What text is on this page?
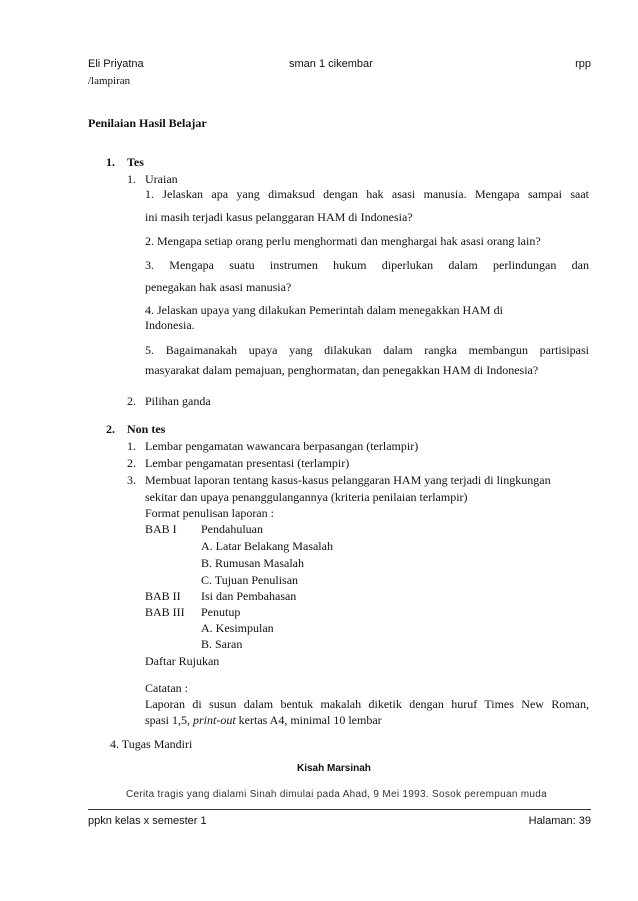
Eli Priyatna	sman 1 cikembar	rpp
/lampiran
Penilaian Hasil Belajar
1. Tes
1. Uraian
1. Jelaskan apa yang dimaksud dengan hak asasi manusia. Mengapa sampai saat
ini masih terjadi kasus pelanggaran HAM di Indonesia?
2. Mengapa setiap orang perlu menghormati dan menghargai hak asasi orang lain?
3. Mengapa suatu instrumen hukum diperlukan dalam perlindungan dan
penegakan hak asasi manusia?
4. Jelaskan upaya yang dilakukan Pemerintah dalam menegakkan HAM di
Indonesia.
5. Bagaimanakah upaya yang dilakukan dalam rangka membangun partisipasi
masyarakat dalam pemajuan, penghormatan, dan penegakkan HAM di Indonesia?
2. Pilihan ganda
2. Non tes
1. Lembar pengamatan wawancara berpasangan (terlampir)
2. Lembar pengamatan presentasi (terlampir)
3. Membuat laporan tentang kasus-kasus pelanggaran HAM yang terjadi di lingkungan
sekitar dan upaya penanggulangannya (kriteria penilaian terlampir)
Format penulisan laporan :
BAB I Pendahuluan
A. Latar Belakang Masalah
B. Rumusan Masalah
C. Tujuan Penulisan
BAB II Isi dan Pembahasan
BAB III Penutup
A. Kesimpulan
B. Saran
Daftar Rujukan
Catatan :
Laporan di susun dalam bentuk makalah diketik dengan huruf Times New Roman,
spasi 1,5, print-out kertas A4, minimal 10 lembar
4. Tugas Mandiri
Kisah Marsinah
Cerita tragis yang dialami Sinah dimulai pada Ahad, 9 Mei 1993. Sosok perempuan muda
ppkn kelas x semester 1	Halaman: 39
